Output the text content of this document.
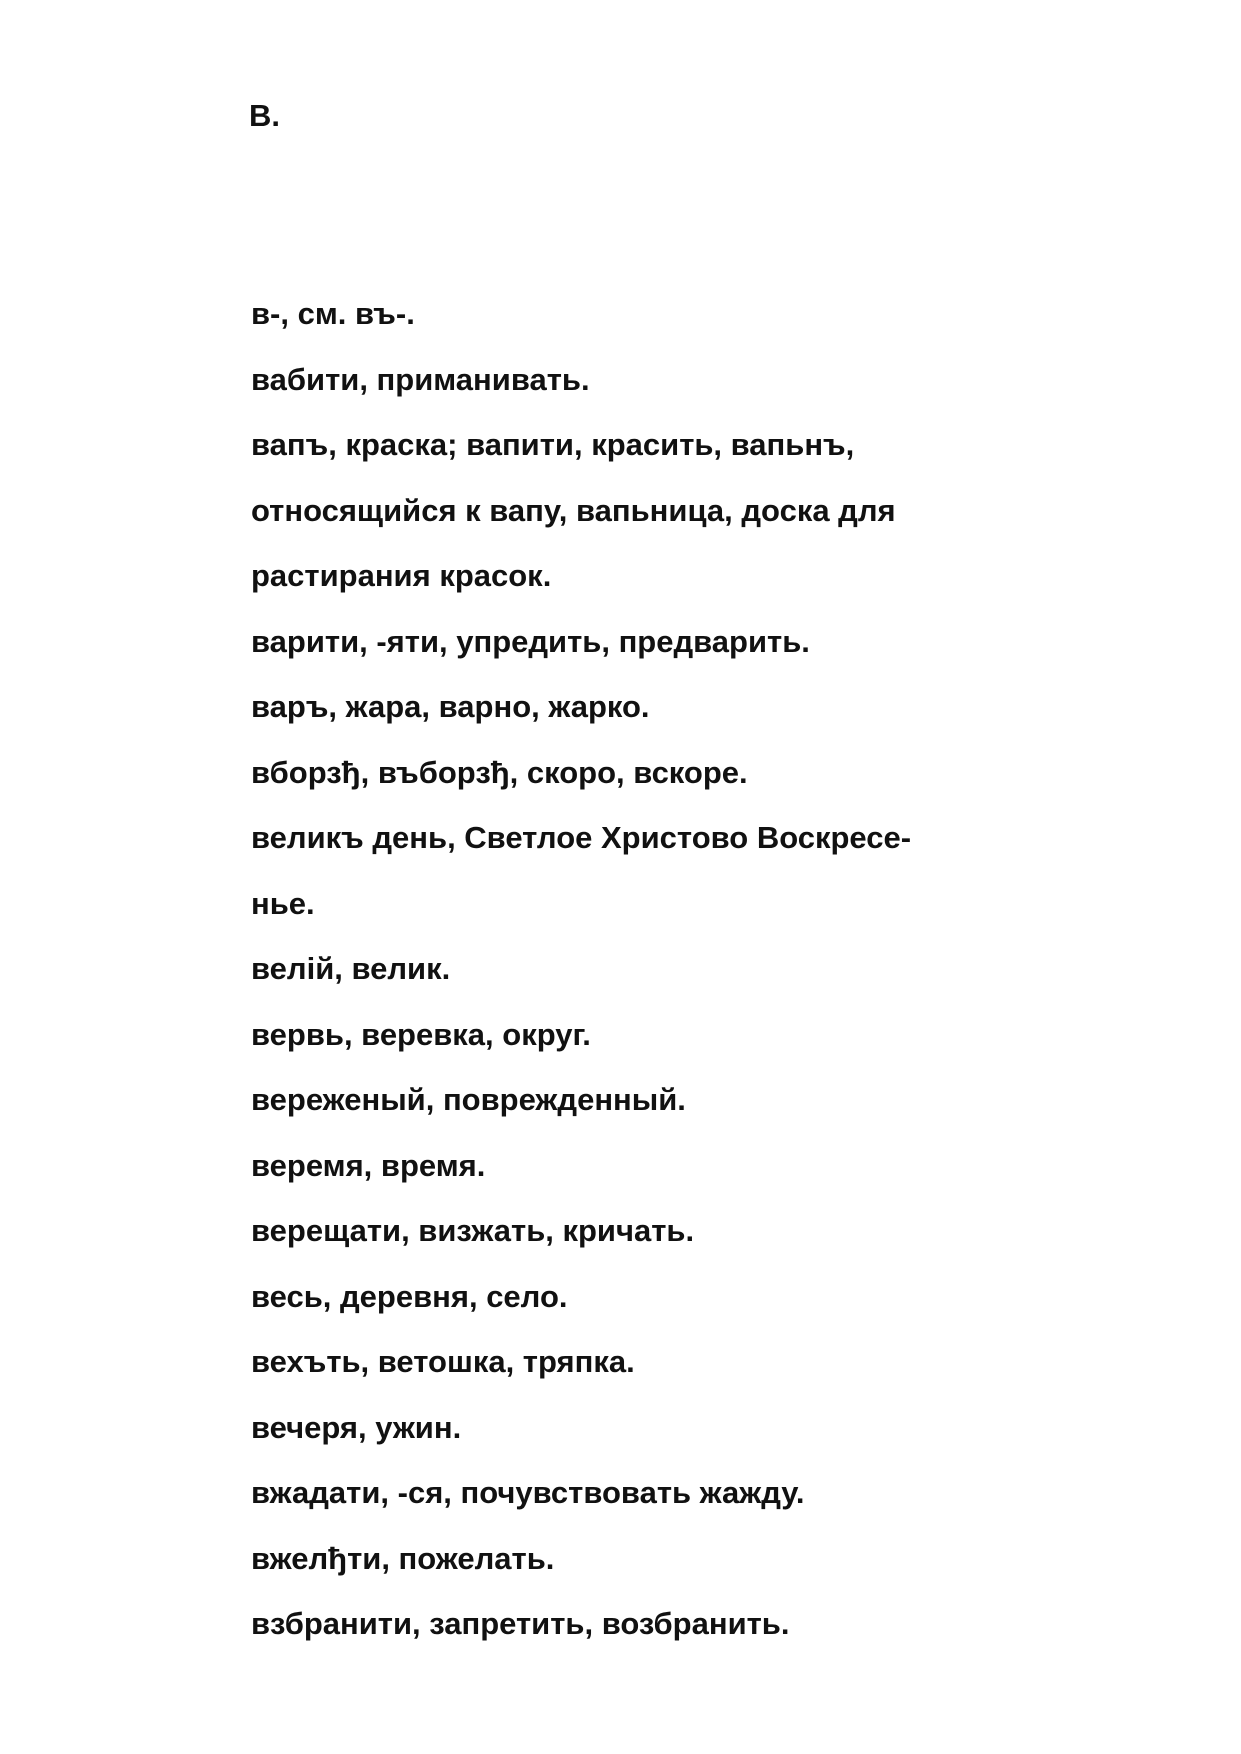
В.
в-, см. въ-.
вабити, приманивать.
вапъ, краска; вапити, красить, вапьнъ,
относящийся к вапу, вапьница, доска для
растирания красок.
варити, -яти, упредить, предварить.
варъ, жара, варно, жарко.
вборзђ, въборзђ, скоро, вскоре.
великъ день, Светлое Христово Воскресе-
нье.
велiй, велик.
вервь, веревка, округ.
вереженый, поврежденный.
веремя, время.
верещати, визжать, кричать.
весь, деревня, село.
вехъть, ветошка, тряпка.
вечеря, ужин.
вжадати, -ся, почувствовать жажду.
вжелђти, пожелать.
взбранити, запретить, возбранить.
